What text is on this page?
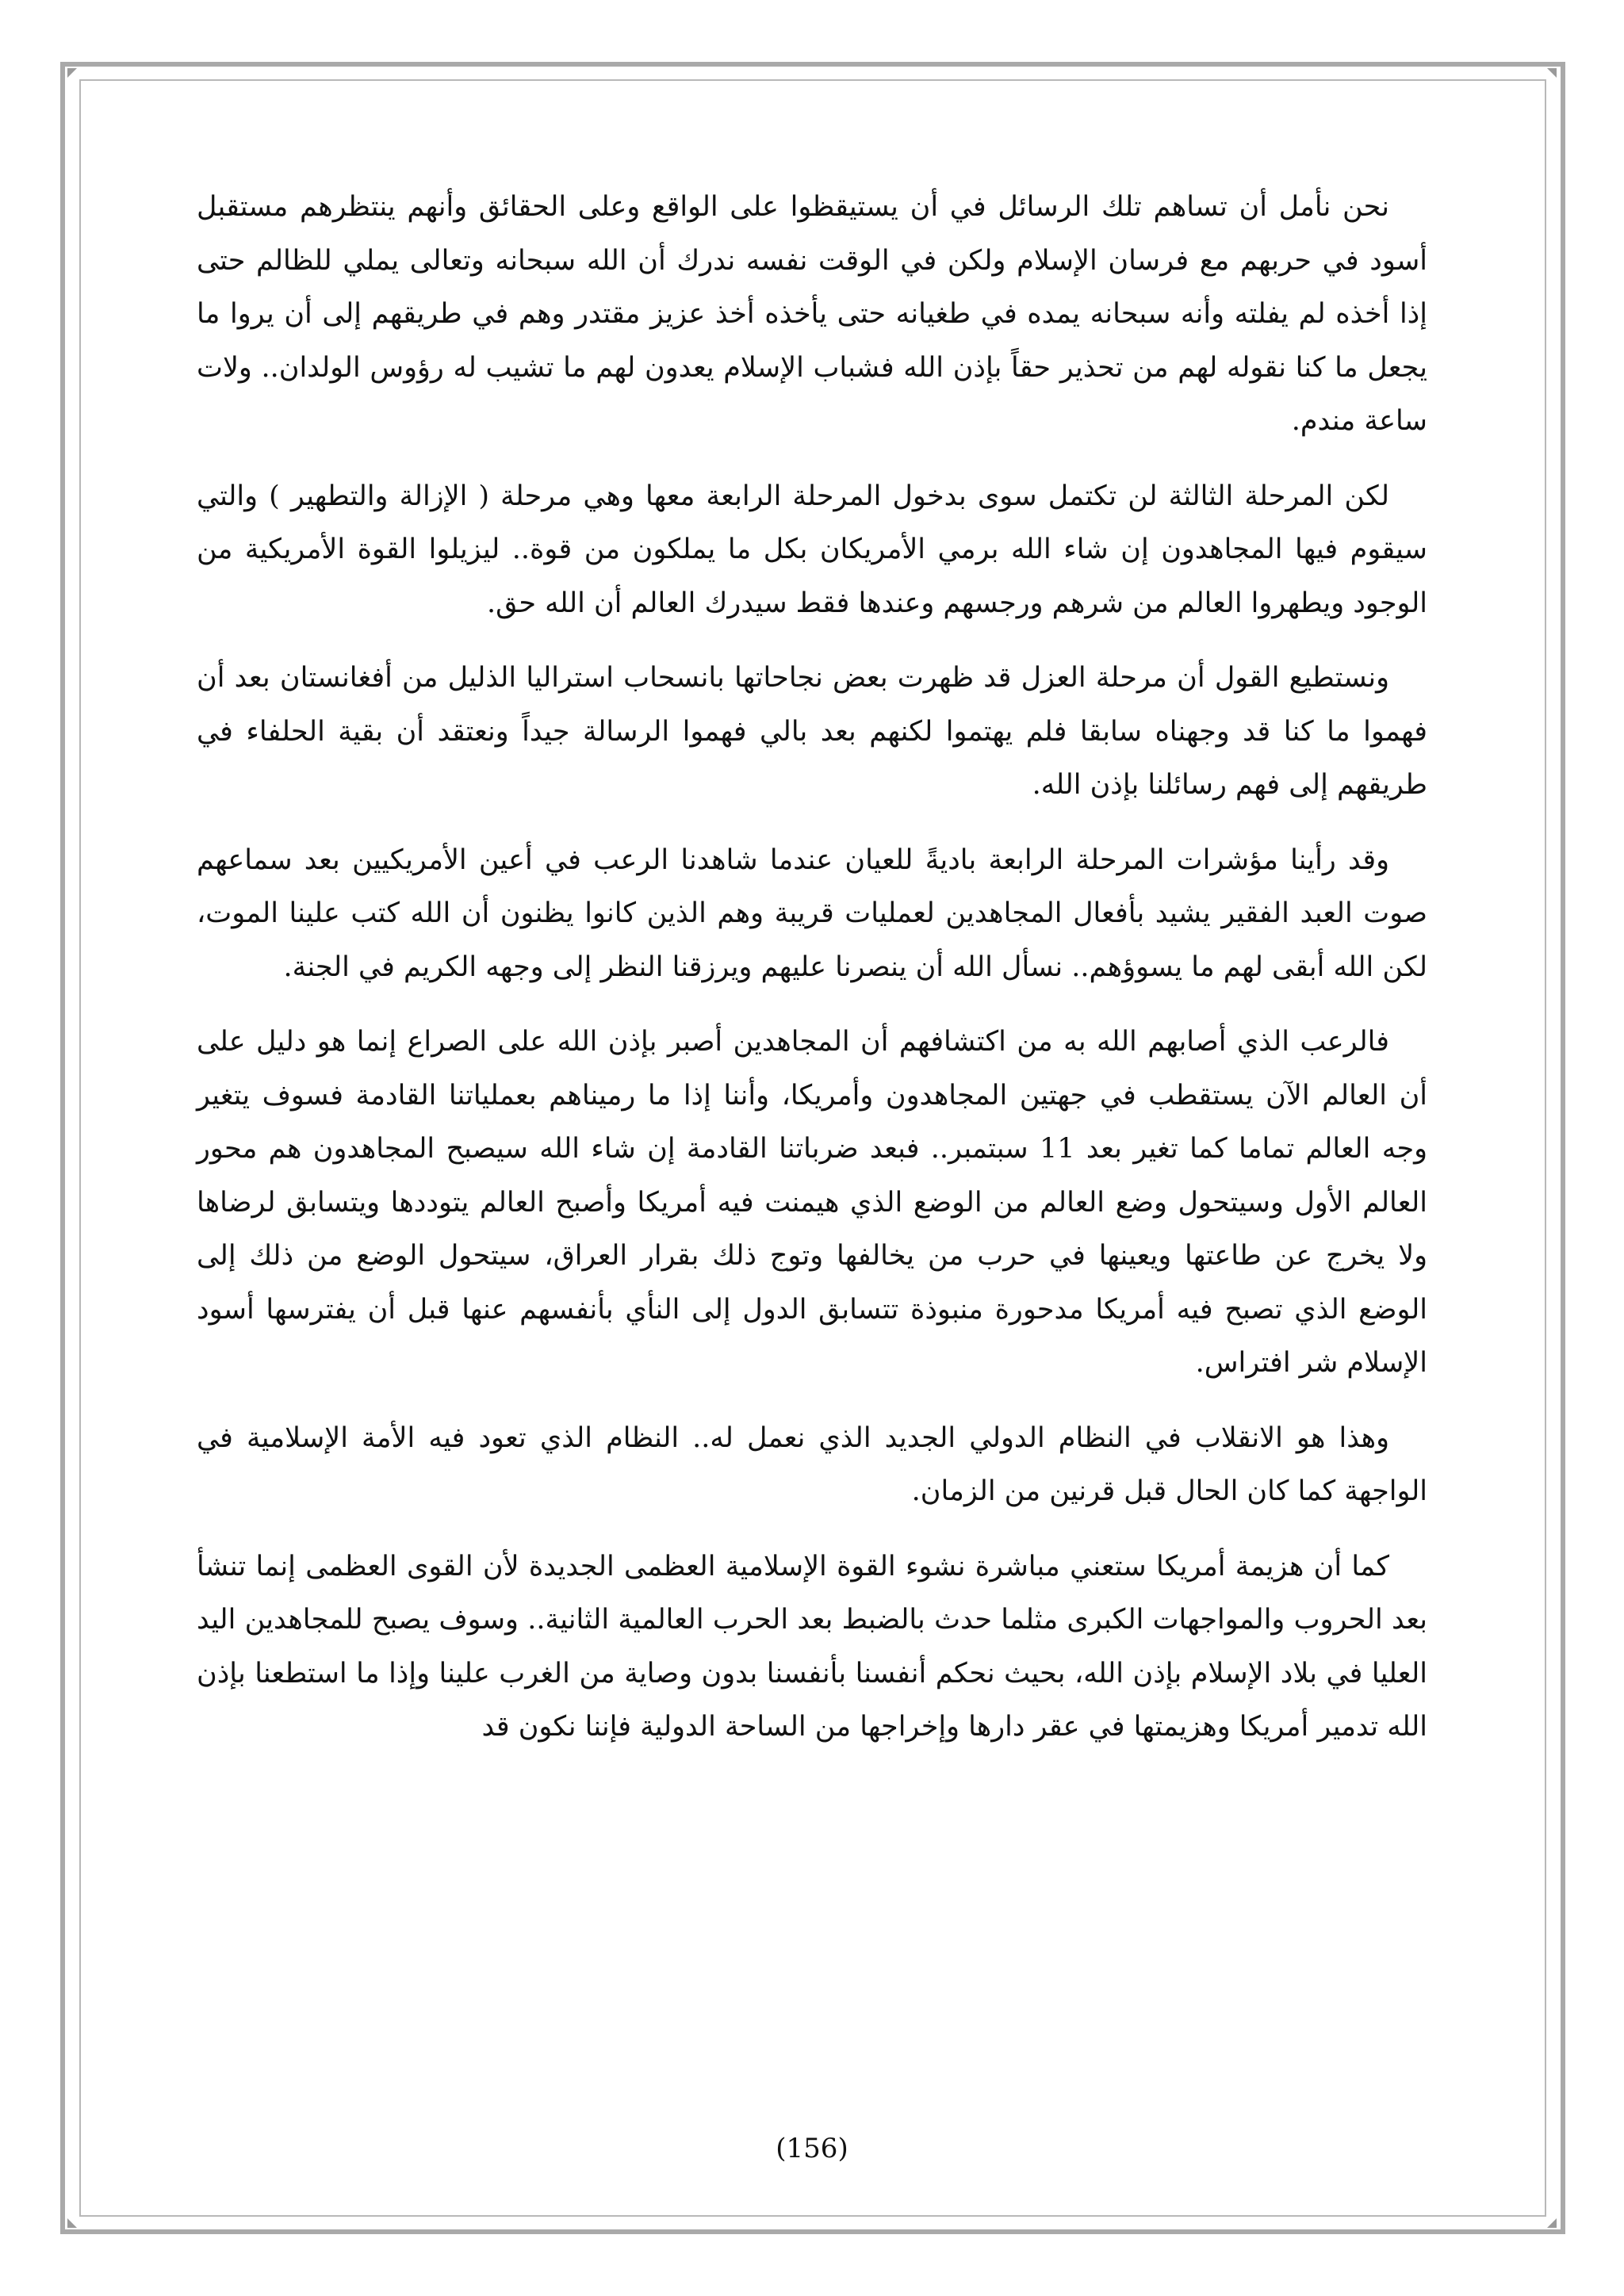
نحن نأمل أن تساهم تلك الرسائل في أن يستيقظوا على الواقع وعلى الحقائق وأنهم ينتظرهم مستقبل أسود في حربهم مع فرسان الإسلام ولكن في الوقت نفسه ندرك أن الله سبحانه وتعالى يملي للظالم حتى إذا أخذه لم يفلته وأنه سبحانه يمده في طغيانه حتى يأخذه أخذ عزيز مقتدر وهم في طريقهم إلى أن يروا ما يجعل ما كنا نقوله لهم من تحذير حقاً بإذن الله فشباب الإسلام يعدون لهم ما تشيب له رؤوس الولدان.. ولات ساعة مندم.

لكن المرحلة الثالثة لن تكتمل سوى بدخول المرحلة الرابعة معها وهي مرحلة ( الإزالة والتطهير ) والتي سيقوم فيها المجاهدون إن شاء الله برمي الأمريكان بكل ما يملكون من قوة.. ليزيلوا القوة الأمريكية من الوجود ويطهروا العالم من شرهم ورجسهم وعندها فقط سيدرك العالم أن الله حق.

ونستطيع القول أن مرحلة العزل قد ظهرت بعض نجاحاتها بانسحاب استراليا الذليل من أفغانستان بعد أن فهموا ما كنا قد وجهناه سابقا فلم يهتموا لكنهم بعد بالي فهموا الرسالة جيداً ونعتقد أن بقية الحلفاء في طريقهم إلى فهم رسائلنا بإذن الله.

وقد رأينا مؤشرات المرحلة الرابعة باديةً للعيان عندما شاهدنا الرعب في أعين الأمريكيين بعد سماعهم صوت العبد الفقير يشيد بأفعال المجاهدين لعمليات قريبة وهم الذين كانوا يظنون أن الله كتب علينا الموت، لكن الله أبقى لهم ما يسوؤهم.. نسأل الله أن ينصرنا عليهم ويرزقنا النظر إلى وجهه الكريم في الجنة.

فالرعب الذي أصابهم الله به من اكتشافهم أن المجاهدين أصبر بإذن الله على الصراع إنما هو دليل على أن العالم الآن يستقطب في جهتين المجاهدون وأمريكا، وأننا إذا ما رميناهم بعملياتنا القادمة فسوف يتغير وجه العالم تماما كما تغير بعد 11 سبتمبر.. فبعد ضرباتنا القادمة إن شاء الله سيصبح المجاهدون هم محور العالم الأول وسيتحول وضع العالم من الوضع الذي هيمنت فيه أمريكا وأصبح العالم يتوددها ويتسابق لرضاها ولا يخرج عن طاعتها ويعينها في حرب من يخالفها وتوج ذلك بقرار العراق، سيتحول الوضع من ذلك إلى الوضع الذي تصبح فيه أمريكا مدحورة منبوذة تتسابق الدول إلى النأي بأنفسهم عنها قبل أن يفترسها أسود الإسلام شر افتراس.

وهذا هو الانقلاب في النظام الدولي الجديد الذي نعمل له.. النظام الذي تعود فيه الأمة الإسلامية في الواجهة كما كان الحال قبل قرنين من الزمان.

كما أن هزيمة أمريكا ستعني مباشرة نشوء القوة الإسلامية العظمى الجديدة لأن القوى العظمى إنما تنشأ بعد الحروب والمواجهات الكبرى مثلما حدث بالضبط بعد الحرب العالمية الثانية.. وسوف يصبح للمجاهدين اليد العليا في بلاد الإسلام بإذن الله، بحيث نحكم أنفسنا بأنفسنا بدون وصاية من الغرب علينا وإذا ما استطعنا بإذن الله تدمير أمريكا وهزيمتها في عقر دارها وإخراجها من الساحة الدولية فإننا نكون قد

(156)
